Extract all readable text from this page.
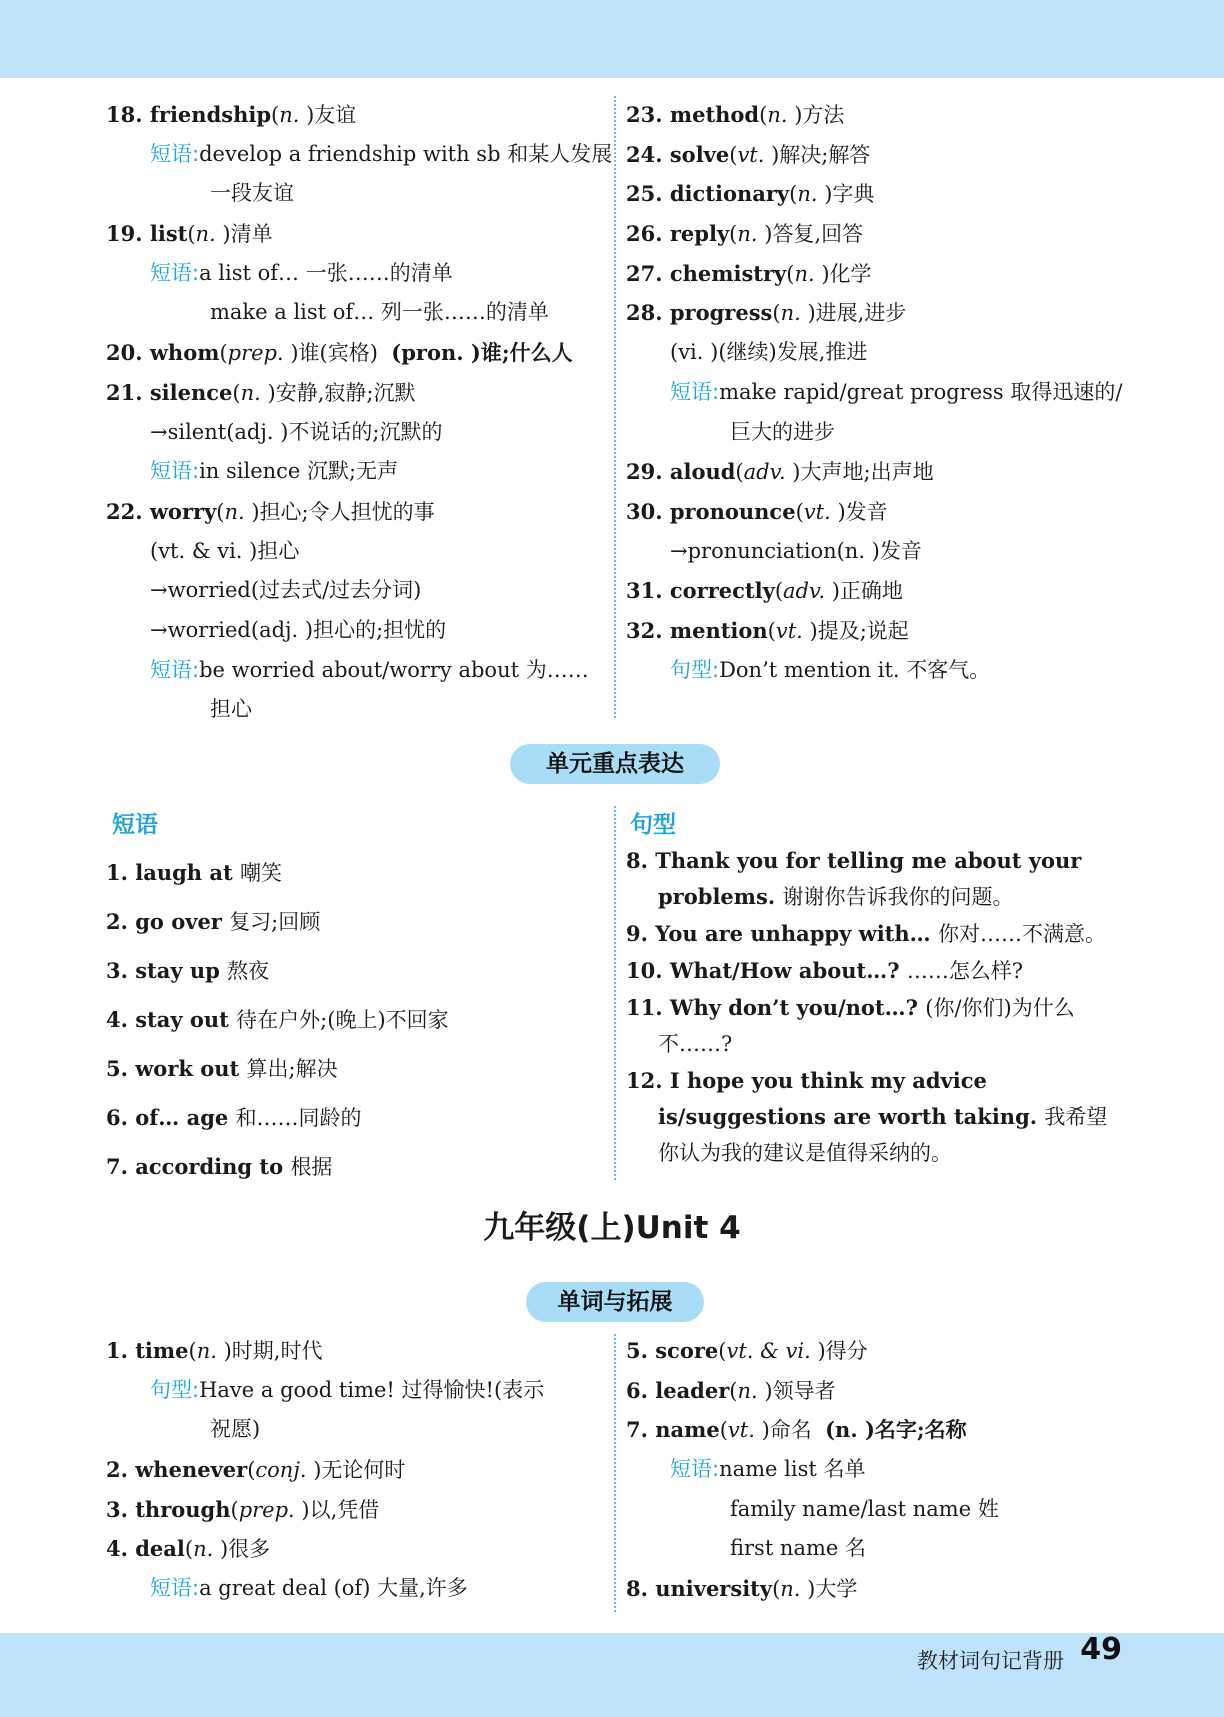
18. friendship(n. )友谊
短语:develop a friendship with sb 和某人发展
一段友谊
19. list(n. )清单
短语:a list of… 一张……的清单
make a list of… 列一张……的清单
20. whom(prep. )谁(宾格) (pron. )谁;什么人
21. silence(n. )安静,寂静;沉默
→silent(adj. )不说话的;沉默的
短语:in silence 沉默;无声
22. worry(n. )担心;令人担忧的事
(vt. & vi. )担心
→worried(过去式/过去分词)
→worried(adj. )担心的;担忧的
短语:be worried about/worry about 为……
担心
23. method(n. )方法
24. solve(vt. )解决;解答
25. dictionary(n. )字典
26. reply(n. )答复,回答
27. chemistry(n. )化学
28. progress(n. )进展,进步
(vi. )(继续)发展,推进
短语:make rapid/great progress 取得迅速的/
巨大的进步
29. aloud(adv. )大声地;出声地
30. pronounce(vt. )发音
→pronunciation(n. )发音
31. correctly(adv. )正确地
32. mention(vt. )提及;说起
句型:Don’t mention it. 不客气。
单元重点表达
短语	句型
1. laugh at 嘲笑
2. go over 复习;回顾
3. stay up 熬夜
4. stay out 待在户外;(晚上)不回家
5. work out 算出;解决
6. of… age 和……同龄的
7. according to 根据
8. Thank you for telling me about your problems. 谢谢你告诉我你的问题。
9. You are unhappy with… 你对……不满意。
10. What/How about…? ……怎么样?
11. Why don’t you/not…? (你/你们)为什么不……?
12. I hope you think my advice is/suggestions are worth taking. 我希望你认为我的建议是值得采纳的。
九年级(上)Unit 4
单词与拓展
1. time(n. )时期,时代
句型:Have a good time! 过得愉快!(表示
祝愿)
2. whenever(conj. )无论何时
3. through(prep. )以,凭借
4. deal(n. )很多
短语:a great deal (of) 大量,许多
5. score(vt. & vi. )得分
6. leader(n. )领导者
7. name(vt. )命名 (n. )名字;名称
短语:name list 名单
family name/last name 姓
first name 名
8. university(n. )大学
教材词句记背册 49
